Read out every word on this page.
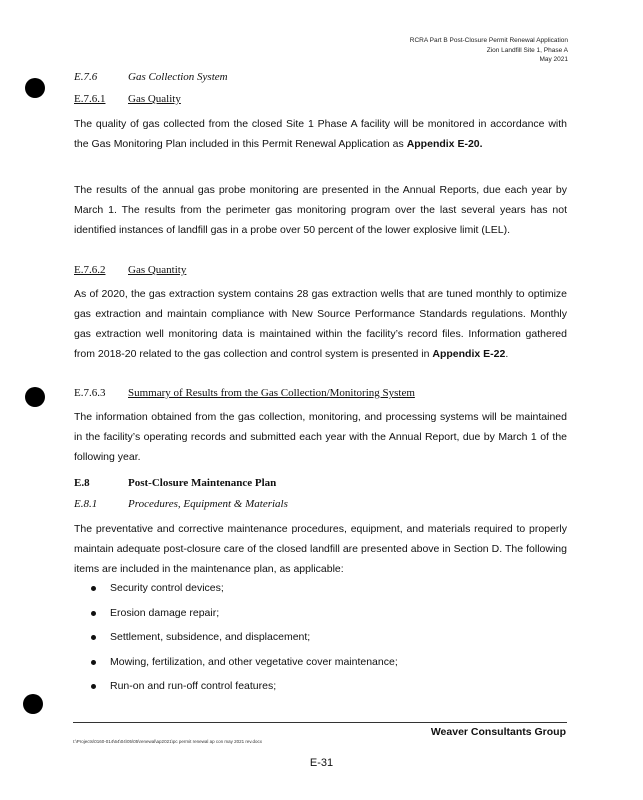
RCRA Part B Post-Closure Permit Renewal Application
Zion Landfill Site 1, Phase A
May 2021
E.7.6	Gas Collection System
E.7.6.1 Gas Quality

The quality of gas collected from the closed Site 1 Phase A facility will be monitored in accordance with the Gas Monitoring Plan included in this Permit Renewal Application as Appendix E-20.

The results of the annual gas probe monitoring are presented in the Annual Reports, due each year by March 1. The results from the perimeter gas monitoring program over the last several years has not identified instances of landfill gas in a probe over 50 percent of the lower explosive limit (LEL).

E.7.6.2 Gas Quantity

As of 2020, the gas extraction system contains 28 gas extraction wells that are tuned monthly to optimize gas extraction and maintain compliance with New Source Performance Standards regulations. Monthly gas extraction well monitoring data is maintained within the facility’s record files. Information gathered from 2018-20 related to the gas collection and control system is presented in Appendix E-22.

E.7.6.3 Summary of Results from the Gas Collection/Monitoring System

The information obtained from the gas collection, monitoring, and processing systems will be maintained in the facility’s operating records and submitted each year with the Annual Report, due by March 1 of the following year.

E.8	Post-Closure Maintenance Plan
E.8.1	Procedures, Equipment & Materials

The preventative and corrective maintenance procedures, equipment, and materials required to properly maintain adequate post-closure care of the closed landfill are presented above in Section D. The following items are included in the maintenance plan, as applicable:

Security control devices;
Erosion damage repair;
Settlement, subsidence, and displacement;
Mowing, fertilization, and other vegetative cover maintenance;
Run-on and run-off control features;
Weaver Consultants Group
I:\Projects\0160-014\64\04\05\05\renewal\ap2021\pc permit renewal ap con may 2021 rev.docx
E-31
